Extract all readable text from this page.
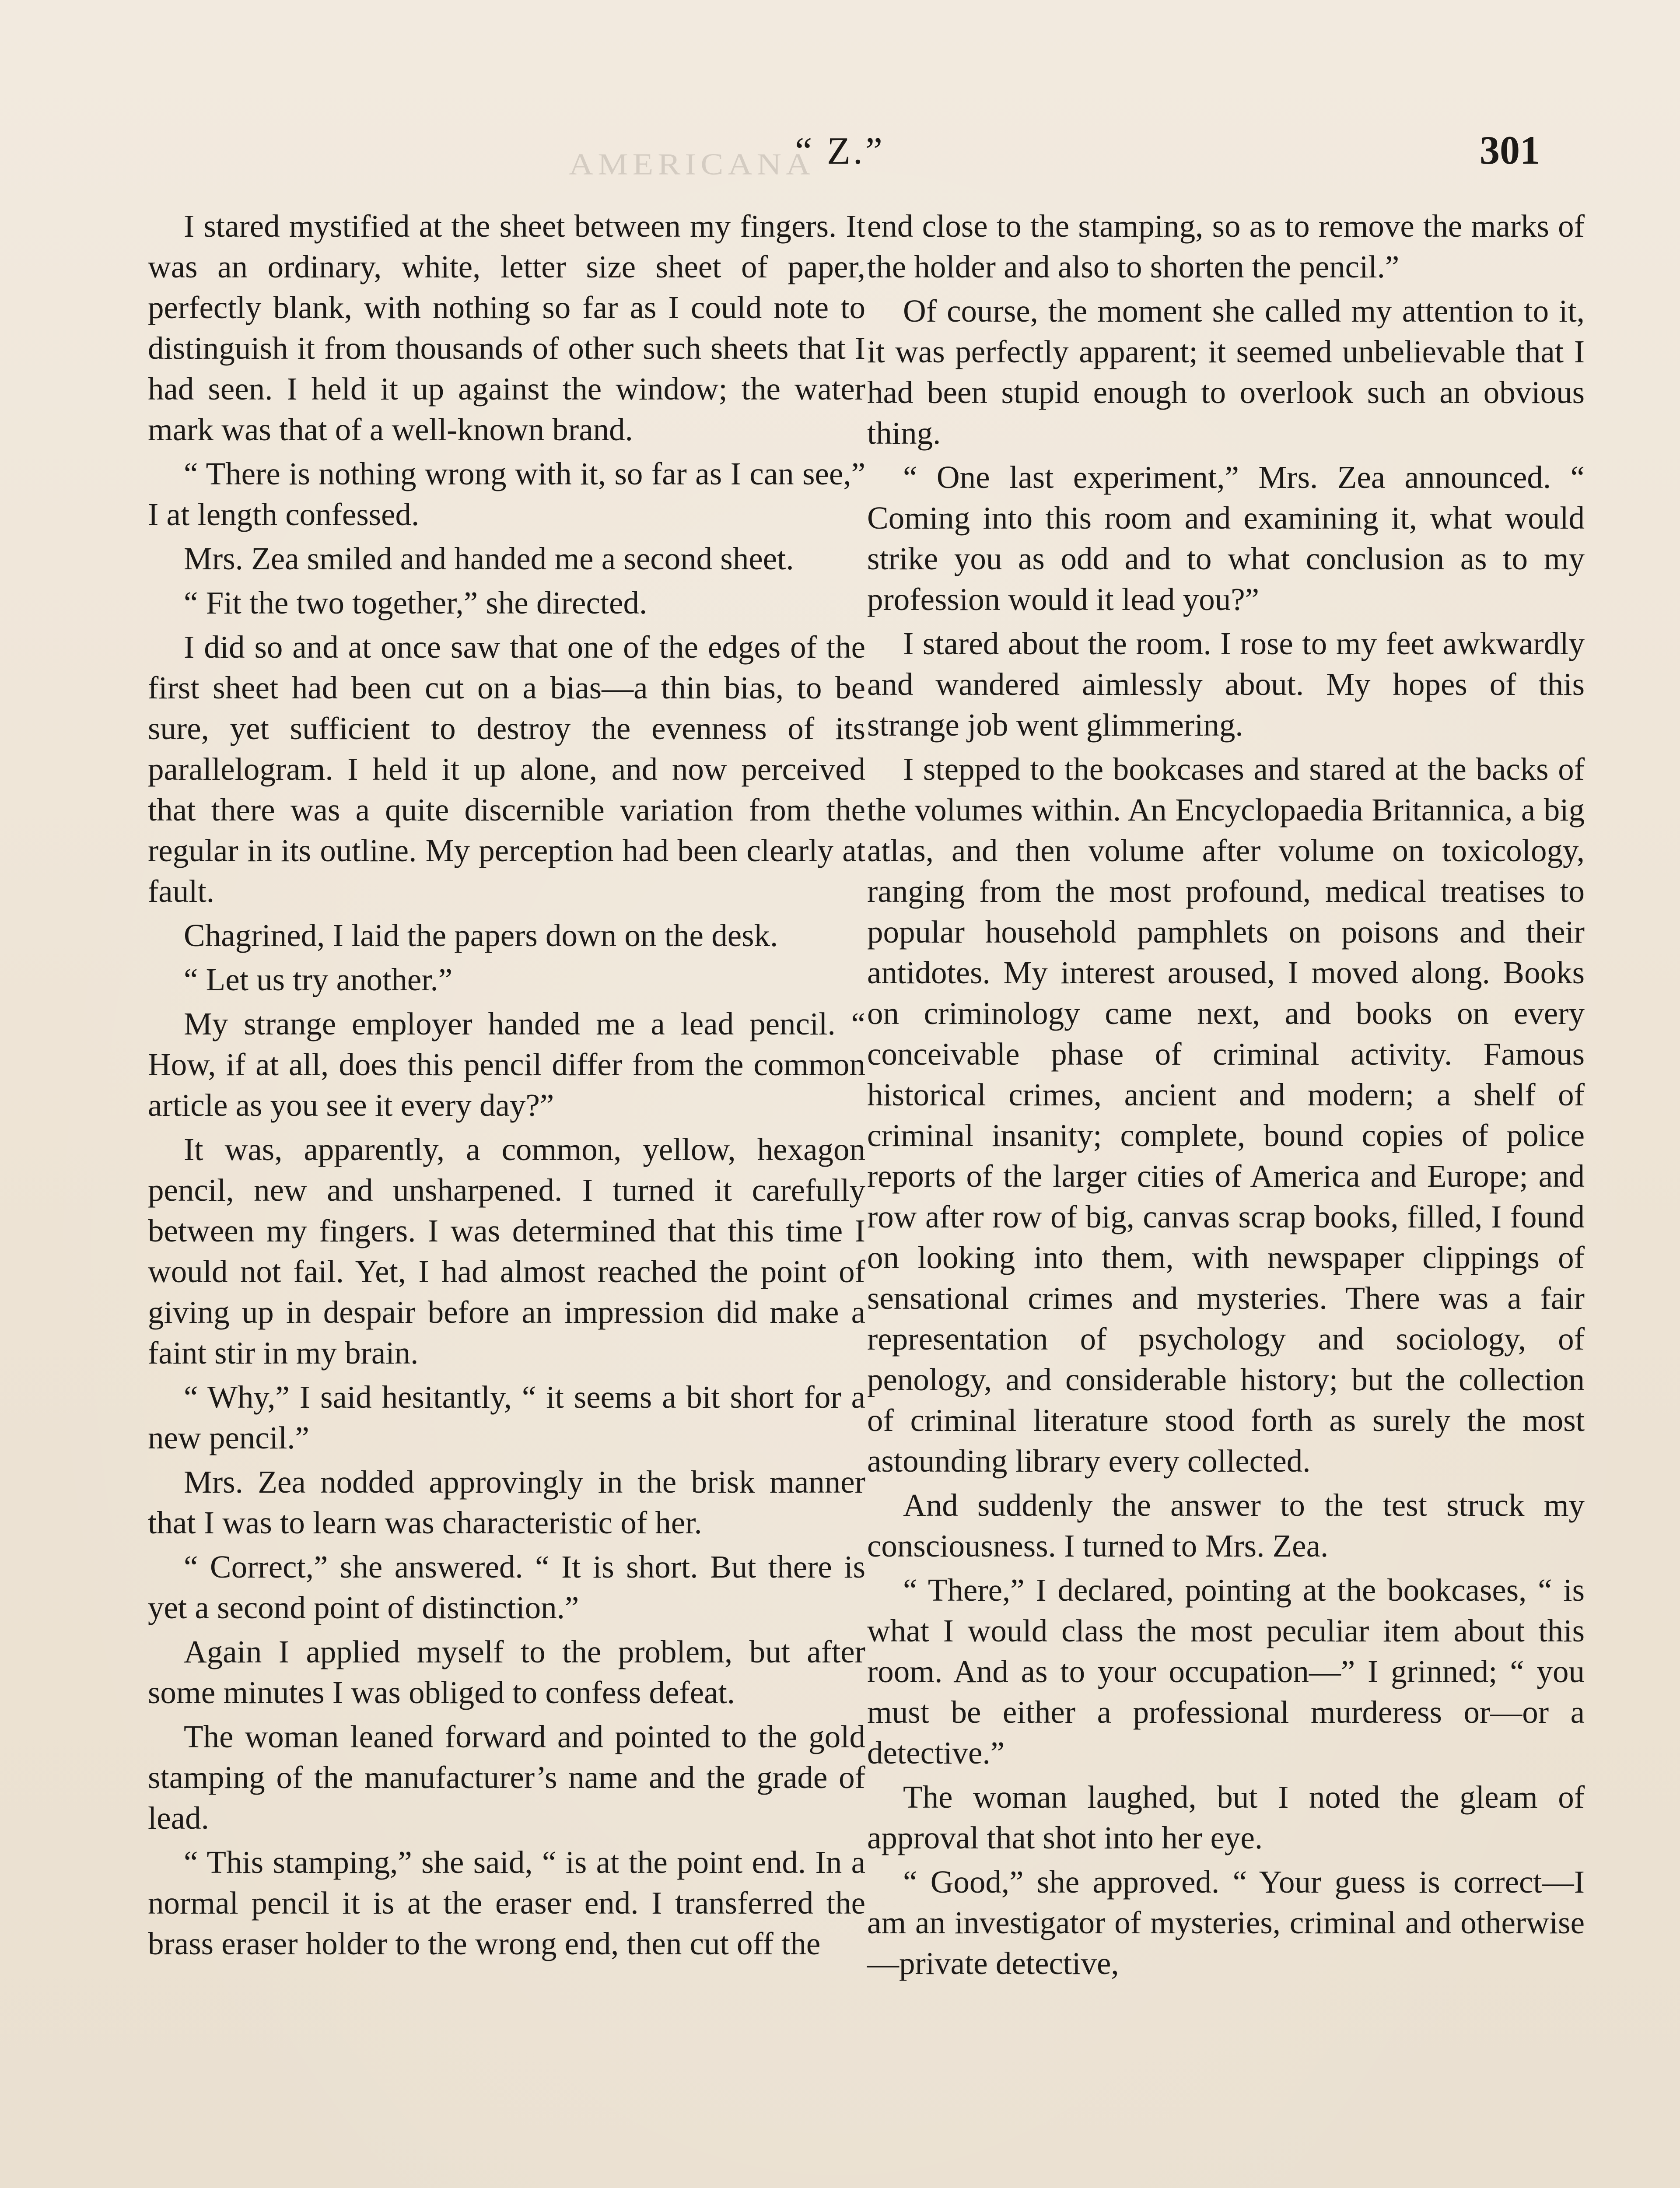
AMERICANA
“ Z.”	301

I stared mystified at the sheet between my fingers. It was an ordinary, white, letter size sheet of paper, perfectly blank, with nothing so far as I could note to distinguish it from thousands of other such sheets that I had seen. I held it up against the window; the water mark was that of a well-known brand.

“ There is nothing wrong with it, so far as I can see,” I at length confessed.

Mrs. Zea smiled and handed me a second sheet.

“ Fit the two together,” she directed.

I did so and at once saw that one of the edges of the first sheet had been cut on a bias—a thin bias, to be sure, yet sufficient to destroy the evenness of its parallelogram. I held it up alone, and now perceived that there was a quite discernible variation from the regular in its outline. My perception had been clearly at fault.

Chagrined, I laid the papers down on the desk.

“ Let us try another.”

My strange employer handed me a lead pencil. “ How, if at all, does this pencil differ from the common article as you see it every day?”

It was, apparently, a common, yellow, hexagon pencil, new and unsharpened. I turned it carefully between my fingers. I was determined that this time I would not fail. Yet, I had almost reached the point of giving up in despair before an impression did make a faint stir in my brain.

“ Why,” I said hesitantly, “ it seems a bit short for a new pencil.”

Mrs. Zea nodded approvingly in the brisk manner that I was to learn was characteristic of her.

“ Correct,” she answered. “ It is short. But there is yet a second point of distinction.”

Again I applied myself to the problem, but after some minutes I was obliged to confess defeat.

The woman leaned forward and pointed to the gold stamping of the manufacturer’s name and the grade of lead.

“ This stamping,” she said, “ is at the point end. In a normal pencil it is at the eraser end. I transferred the brass eraser holder to the wrong end, then cut off the

end close to the stamping, so as to remove the marks of the holder and also to shorten the pencil.”

Of course, the moment she called my attention to it, it was perfectly apparent; it seemed unbelievable that I had been stupid enough to overlook such an obvious thing.

“ One last experiment,” Mrs. Zea announced. “ Coming into this room and examining it, what would strike you as odd and to what conclusion as to my profession would it lead you?”

I stared about the room. I rose to my feet awkwardly and wandered aimlessly about. My hopes of this strange job went glimmering.

I stepped to the bookcases and stared at the backs of the volumes within. An Encyclopaedia Britannica, a big atlas, and then volume after volume on toxicology, ranging from the most profound, medical treatises to popular household pamphlets on poisons and their antidotes. My interest aroused, I moved along. Books on criminology came next, and books on every conceivable phase of criminal activity. Famous historical crimes, ancient and modern; a shelf of criminal insanity; complete, bound copies of police reports of the larger cities of America and Europe; and row after row of big, canvas scrap books, filled, I found on looking into them, with newspaper clippings of sensational crimes and mysteries. There was a fair representation of psychology and sociology, of penology, and considerable history; but the collection of criminal literature stood forth as surely the most astounding library every collected.

And suddenly the answer to the test struck my consciousness. I turned to Mrs. Zea.

“ There,” I declared, pointing at the bookcases, “ is what I would class the most peculiar item about this room. And as to your occupation—” I grinned; “ you must be either a professional murderess or—or a detective.”

The woman laughed, but I noted the gleam of approval that shot into her eye.

“ Good,” she approved. “ Your guess is correct—I am an investigator of mysteries, criminal and otherwise—private detective,
